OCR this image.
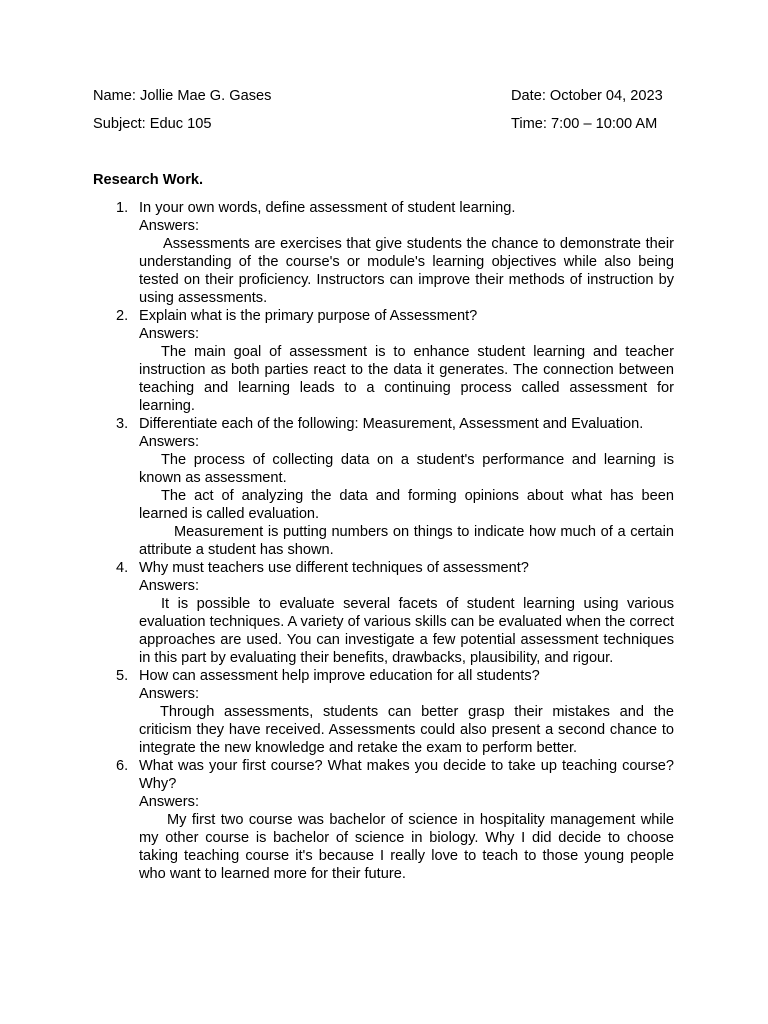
Name: Jollie Mae G. Gases	Date: October 04, 2023
Subject: Educ 105	Time: 7:00 – 10:00 AM
Research Work.
1. In your own words, define assessment of student learning.
Answers:

Assessments are exercises that give students the chance to demonstrate their understanding of the course's or module's learning objectives while also being tested on their proficiency. Instructors can improve their methods of instruction by using assessments.

2. Explain what is the primary purpose of Assessment?
Answers:

The main goal of assessment is to enhance student learning and teacher instruction as both parties react to the data it generates. The connection between teaching and learning leads to a continuing process called assessment for learning.

3. Differentiate each of the following: Measurement, Assessment and Evaluation.
Answers:

The process of collecting data on a student's performance and learning is known as assessment.

The act of analyzing the data and forming opinions about what has been learned is called evaluation.

Measurement is putting numbers on things to indicate how much of a certain attribute a student has shown.

4. Why must teachers use different techniques of assessment?
Answers:

It is possible to evaluate several facets of student learning using various evaluation techniques. A variety of various skills can be evaluated when the correct approaches are used. You can investigate a few potential assessment techniques in this part by evaluating their benefits, drawbacks, plausibility, and rigour.

5. How can assessment help improve education for all students?
Answers:

Through assessments, students can better grasp their mistakes and the criticism they have received. Assessments could also present a second chance to integrate the new knowledge and retake the exam to perform better.

6. What was your first course? What makes you decide to take up teaching course? Why?
Answers:

My first two course was bachelor of science in hospitality management while my other course is bachelor of science in biology. Why I did decide to choose taking teaching course it's because I really love to teach to those young people who want to learned more for their future.
